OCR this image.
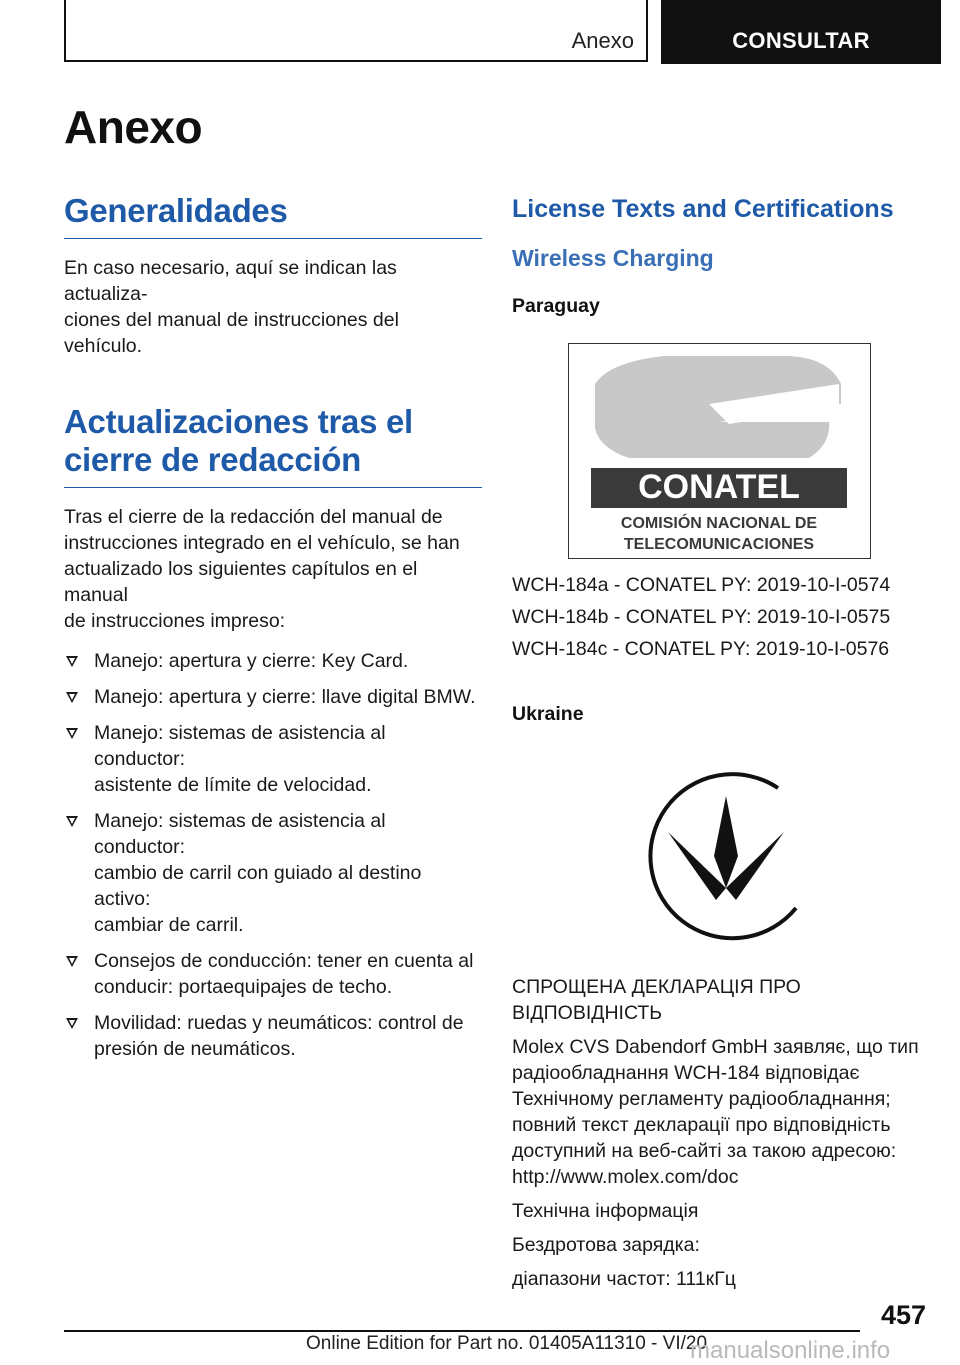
Anexo	CONSULTAR
Anexo
Generalidades

En caso necesario, aquí se indican las actualiza-
ciones del manual de instrucciones del vehículo.

Actualizaciones tras el
cierre de redacción

Tras el cierre de la redacción del manual de
instrucciones integrado en el vehículo, se han
actualizado los siguientes capítulos en el manual
de instrucciones impreso:

Manejo: apertura y cierre: Key Card.
Manejo: apertura y cierre: llave digital BMW.
Manejo: sistemas de asistencia al conductor:
asistente de límite de velocidad.
Manejo: sistemas de asistencia al conductor:
cambio de carril con guiado al destino activo:
cambiar de carril.
Consejos de conducción: tener en cuenta al
conducir: portaequipajes de techo.
Movilidad: ruedas y neumáticos: control de
presión de neumáticos.
License Texts and Certifications
Wireless Charging

Paraguay

WCH-184a - CONATEL PY: 2019-10-I-0574

WCH-184b - CONATEL PY: 2019-10-I-0575

WCH-184c - CONATEL PY: 2019-10-I-0576

Ukraine

СПРОЩЕНА ДЕКЛАРАЦІЯ ПРО
ВІДПОВІДНІСТЬ

Molex CVS Dabendorf GmbH заявляє, що тип
радіообладнання WCH-184 відповідає
Технічному регламенту радіообладнання;
повний текст декларації про відповідність
доступний на веб-сайті за такою адресою:
http://www.molex.com/doc

Технічна інформація

Бездротова зарядка:

діапазони частот: 111кГц

CONATEL
COMISIÓN NACIONAL DE
TELECOMUNICACIONES
457
Online Edition for Part no. 01405A11310 - VI/20
manualsonline.info
